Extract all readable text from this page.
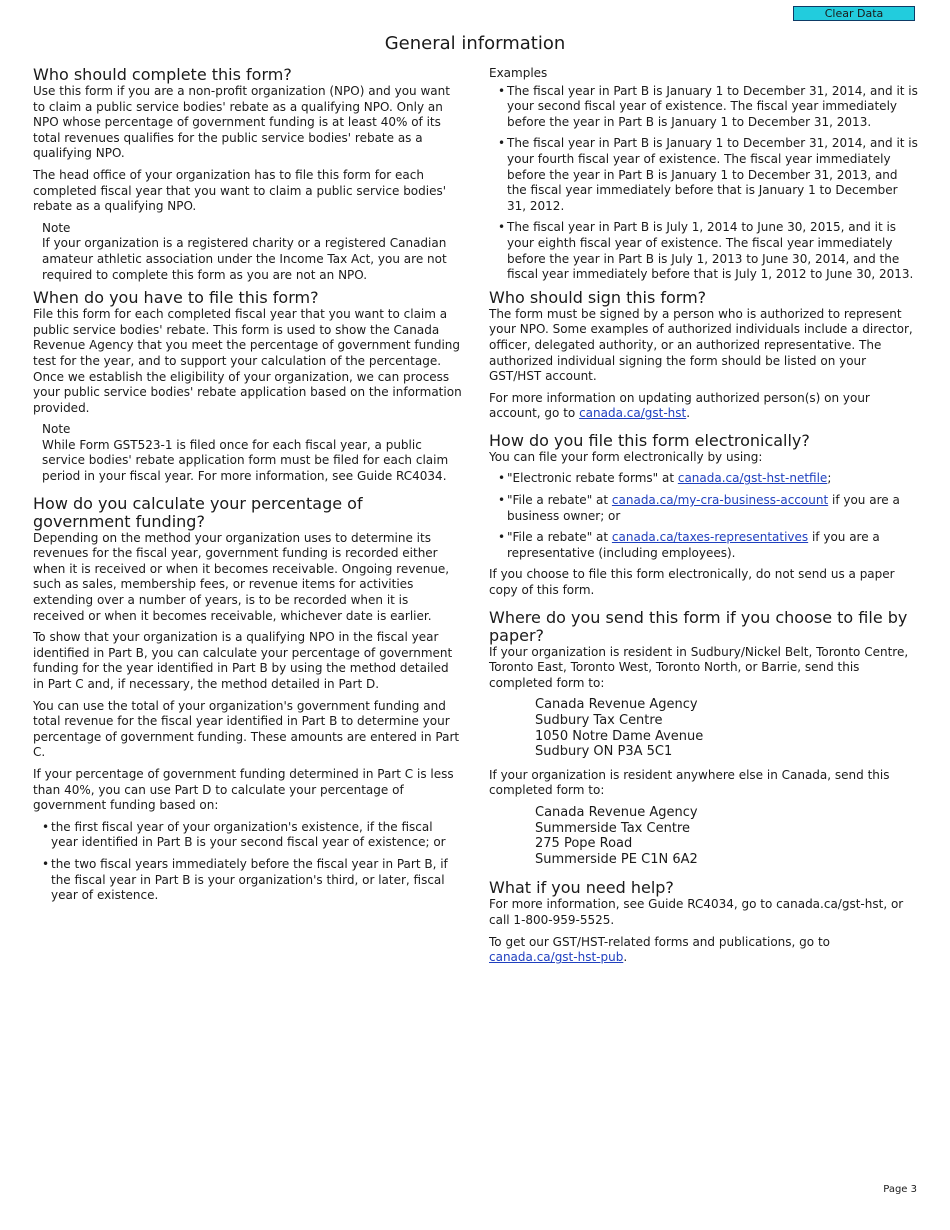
Clear Data
General information
Who should complete this form?

Use this form if you are a non-profit organization (NPO) and you want to claim a public service bodies' rebate as a qualifying NPO. Only an NPO whose percentage of government funding is at least 40% of its total revenues qualifies for the public service bodies' rebate as a qualifying NPO.

The head office of your organization has to file this form for each completed fiscal year that you want to claim a public service bodies' rebate as a qualifying NPO.

Note
If your organization is a registered charity or a registered Canadian amateur athletic association under the Income Tax Act, you are not required to complete this form as you are not an NPO.
When do you have to file this form?

File this form for each completed fiscal year that you want to claim a public service bodies' rebate. This form is used to show the Canada Revenue Agency that you meet the percentage of government funding test for the year, and to support your calculation of the percentage. Once we establish the eligibility of your organization, we can process your public service bodies' rebate application based on the information provided.

Note
While Form GST523-1 is filed once for each fiscal year, a public service bodies' rebate application form must be filed for each claim period in your fiscal year. For more information, see Guide RC4034.
How do you calculate your percentage of government funding?

Depending on the method your organization uses to determine its revenues for the fiscal year, government funding is recorded either when it is received or when it becomes receivable. Ongoing revenue, such as sales, membership fees, or revenue items for activities extending over a number of years, is to be recorded when it is received or when it becomes receivable, whichever date is earlier.

To show that your organization is a qualifying NPO in the fiscal year identified in Part B, you can calculate your percentage of government funding for the year identified in Part B by using the method detailed in Part C and, if necessary, the method detailed in Part D.

You can use the total of your organization's government funding and total revenue for the fiscal year identified in Part B to determine your percentage of government funding. These amounts are entered in Part C.

If your percentage of government funding determined in Part C is less than 40%, you can use Part D to calculate your percentage of government funding based on:

• the first fiscal year of your organization's existence, if the fiscal year identified in Part B is your second fiscal year of existence; or
• the two fiscal years immediately before the fiscal year in Part B, if the fiscal year in Part B is your organization's third, or later, fiscal year of existence.

Examples

• The fiscal year in Part B is January 1 to December 31, 2014, and it is your second fiscal year of existence. The fiscal year immediately before the year in Part B is January 1 to December 31, 2013.
• The fiscal year in Part B is January 1 to December 31, 2014, and it is your fourth fiscal year of existence. The fiscal year immediately before the year in Part B is January 1 to December 31, 2013, and the fiscal year immediately before that is January 1 to December 31, 2012.
• The fiscal year in Part B is July 1, 2014 to June 30, 2015, and it is your eighth fiscal year of existence. The fiscal year immediately before the year in Part B is July 1, 2013 to June 30, 2014, and the fiscal year immediately before that is July 1, 2012 to June 30, 2013.
Who should sign this form?

The form must be signed by a person who is authorized to represent your NPO. Some examples of authorized individuals include a director, officer, delegated authority, or an authorized representative. The authorized individual signing the form should be listed on your GST/HST account.

For more information on updating authorized person(s) on your account, go to canada.ca/gst-hst.

How do you file this form electronically?

You can file your form electronically by using:

• "Electronic rebate forms" at canada.ca/gst-hst-netfile;
• "File a rebate" at canada.ca/my-cra-business-account if you are a business owner; or
• "File a rebate" at canada.ca/taxes-representatives if you are a representative (including employees).

If you choose to file this form electronically, do not send us a paper copy of this form.

Where do you send this form if you choose to file by paper?

If your organization is resident in Sudbury/Nickel Belt, Toronto Centre, Toronto East, Toronto West, Toronto North, or Barrie, send this completed form to:

Canada Revenue Agency
Sudbury Tax Centre
1050 Notre Dame Avenue
Sudbury ON P3A 5C1

If your organization is resident anywhere else in Canada, send this completed form to:

Canada Revenue Agency
Summerside Tax Centre
275 Pope Road
Summerside PE C1N 6A2
What if you need help?

For more information, see Guide RC4034, go to canada.ca/gst-hst, or call 1-800-959-5525.

To get our GST/HST-related forms and publications, go to canada.ca/gst-hst-pub.

Page 3
